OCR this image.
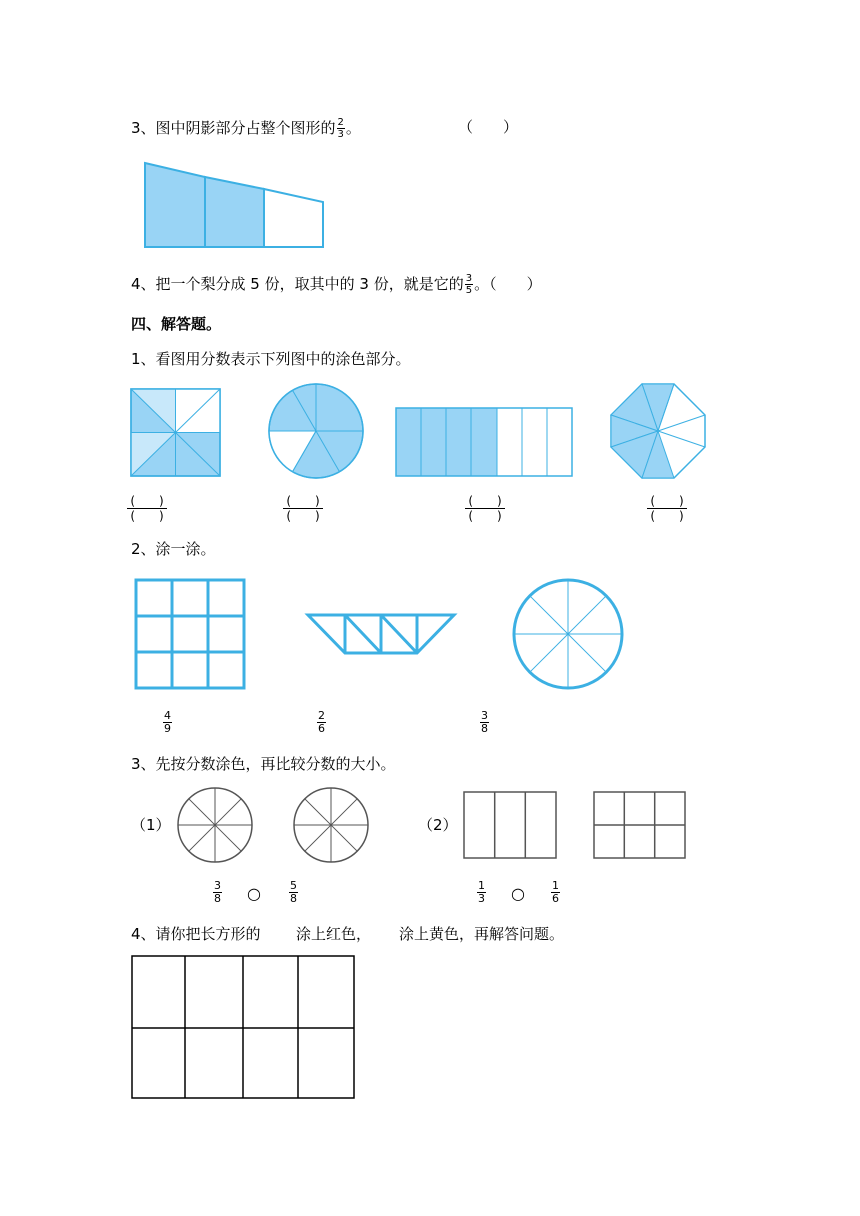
3、图中阴影部分占整个图形的 $\frac{2}{3}$ 。	（　　）
4、把一个梨分成 5 份，取其中的 3 份，就是它的 $\frac{3}{5}$ 。（　　）
四、解答题。
1、看图用分数表示下列图中的涂色部分。
(　　)
(　　)
(　　)
(　　)
(　　)
(　　)
(　　)
(　　)
2、涂一涂。
$\frac{4}{9}$	$\frac{2}{6}$	$\frac{3}{8}$
3、先按分数涂色，再比较分数的大小。
（1）	（2）
$\frac{3}{8}$ ○	$\frac{5}{8}$	$\frac{1}{3}$ ○ $\frac{1}{6}$
4、请你把长方形的 涂上红色， 涂上黄色，再解答问题。
